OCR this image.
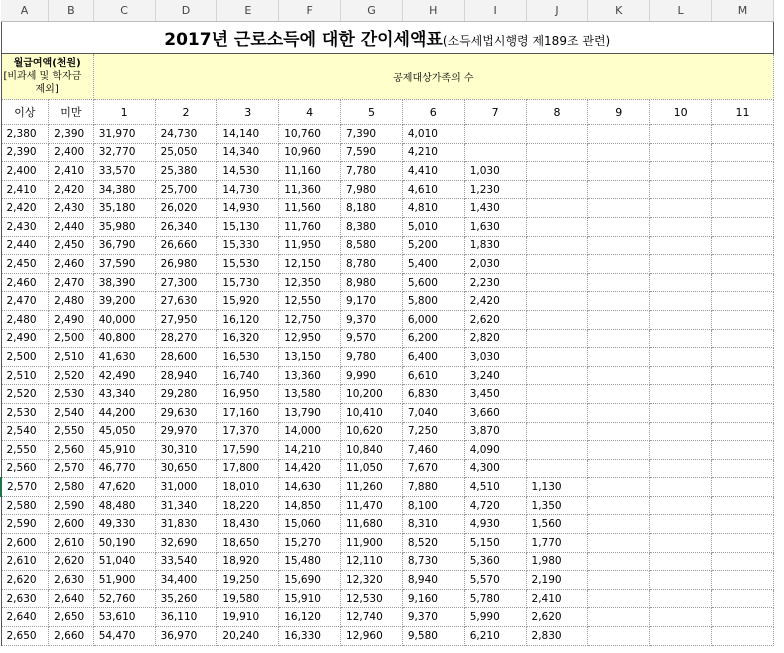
A	B	C	D	E	F	G	H	I	J	K	L	M
2017년 근로소득에 대한 간이세액표(소득세법시행령 제189조 관련)												

월급여액(천원)
[비과세 및 학자금
제외]		공제대상가족의 수										

이상	미만	1	2	3	4	5	6	7	8	9	10	11
2,380	2,390	31,970	24,730	14,140	10,760	7,390	4,010					
2,390	2,400	32,770	25,050	14,340	10,960	7,590	4,210					
2,400	2,410	33,570	25,380	14,530	11,160	7,780	4,410	1,030				
2,410	2,420	34,380	25,700	14,730	11,360	7,980	4,610	1,230				
2,420	2,430	35,180	26,020	14,930	11,560	8,180	4,810	1,430				
2,430	2,440	35,980	26,340	15,130	11,760	8,380	5,010	1,630				
2,440	2,450	36,790	26,660	15,330	11,950	8,580	5,200	1,830				
2,450	2,460	37,590	26,980	15,530	12,150	8,780	5,400	2,030				
2,460	2,470	38,390	27,300	15,730	12,350	8,980	5,600	2,230				
2,470	2,480	39,200	27,630	15,920	12,550	9,170	5,800	2,420				
2,480	2,490	40,000	27,950	16,120	12,750	9,370	6,000	2,620				
2,490	2,500	40,800	28,270	16,320	12,950	9,570	6,200	2,820				
2,500	2,510	41,630	28,600	16,530	13,150	9,780	6,400	3,030				
2,510	2,520	42,490	28,940	16,740	13,360	9,990	6,610	3,240				
2,520	2,530	43,340	29,280	16,950	13,580	10,200	6,830	3,450				
2,530	2,540	44,200	29,630	17,160	13,790	10,410	7,040	3,660				
2,540	2,550	45,050	29,970	17,370	14,000	10,620	7,250	3,870				
2,550	2,560	45,910	30,310	17,590	14,210	10,840	7,460	4,090				
2,560	2,570	46,770	30,650	17,800	14,420	11,050	7,670	4,300				
2,570	2,580	47,620	31,000	18,010	14,630	11,260	7,880	4,510	1,130			
2,580	2,590	48,480	31,340	18,220	14,850	11,470	8,100	4,720	1,350			
2,590	2,600	49,330	31,830	18,430	15,060	11,680	8,310	4,930	1,560			
2,600	2,610	50,190	32,690	18,650	15,270	11,900	8,520	5,150	1,770			
2,610	2,620	51,040	33,540	18,920	15,480	12,110	8,730	5,360	1,980			
2,620	2,630	51,900	34,400	19,250	15,690	12,320	8,940	5,570	2,190			
2,630	2,640	52,760	35,260	19,580	15,910	12,530	9,160	5,780	2,410			
2,640	2,650	53,610	36,110	19,910	16,120	12,740	9,370	5,990	2,620			
2,650	2,660	54,470	36,970	20,240	16,330	12,960	9,580	6,210	2,830			
